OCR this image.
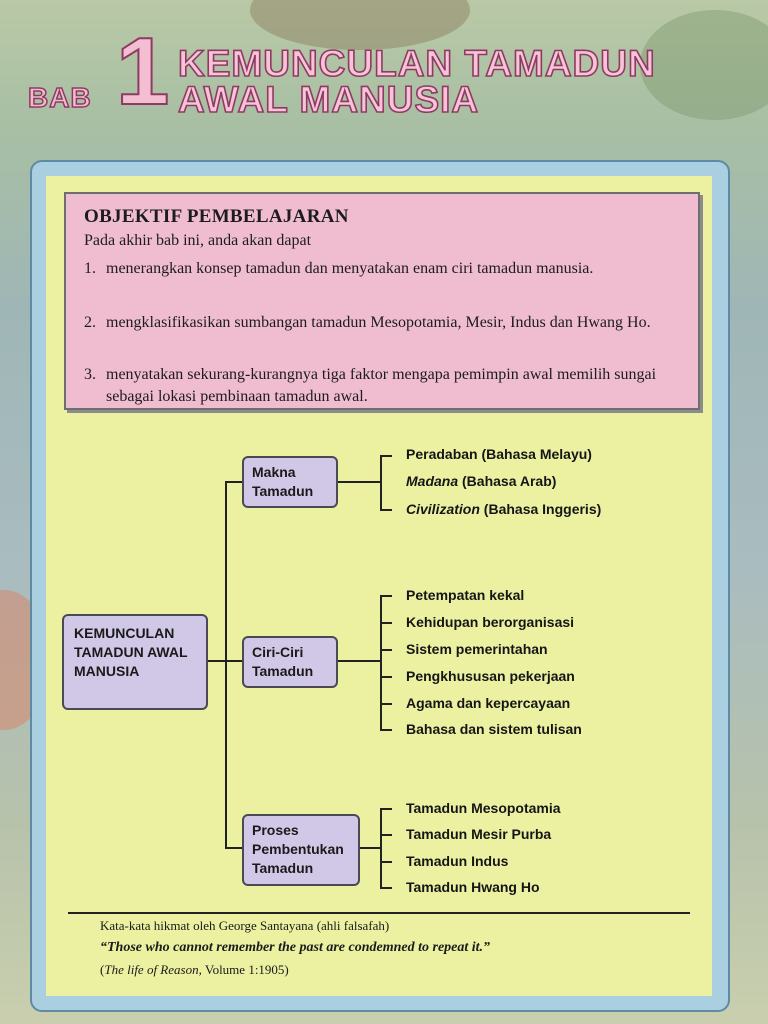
BAB 1 KEMUNCULAN TAMADUN
AWAL MANUSIA
OBJEKTIF PEMBELAJARAN
Pada akhir bab ini, anda akan dapat
1. menerangkan konsep tamadun dan menyatakan enam ciri tamadun manusia.
2. mengklasifikasikan sumbangan tamadun Mesopotamia, Mesir, Indus dan Hwang Ho.
3. menyatakan sekurang-kurangnya tiga faktor mengapa pemimpin awal memilih sungai sebagai lokasi pembinaan tamadun awal.
KEMUNCULAN TAMADUN AWAL MANUSIA
Makna Tamadun
Ciri-Ciri Tamadun
Proses Pembentukan Tamadun
Peradaban (Bahasa Melayu)
Madana (Bahasa Arab)
Civilization (Bahasa Inggeris)
Petempatan kekal
Kehidupan berorganisasi
Sistem pemerintahan
Pengkhususan pekerjaan
Agama dan kepercayaan
Bahasa dan sistem tulisan
Tamadun Mesopotamia
Tamadun Mesir Purba
Tamadun Indus
Tamadun Hwang Ho
Kata-kata hikmat oleh George Santayana (ahli falsafah)
“Those who cannot remember the past are condemned to repeat it.”
(The life of Reason, Volume 1:1905)
